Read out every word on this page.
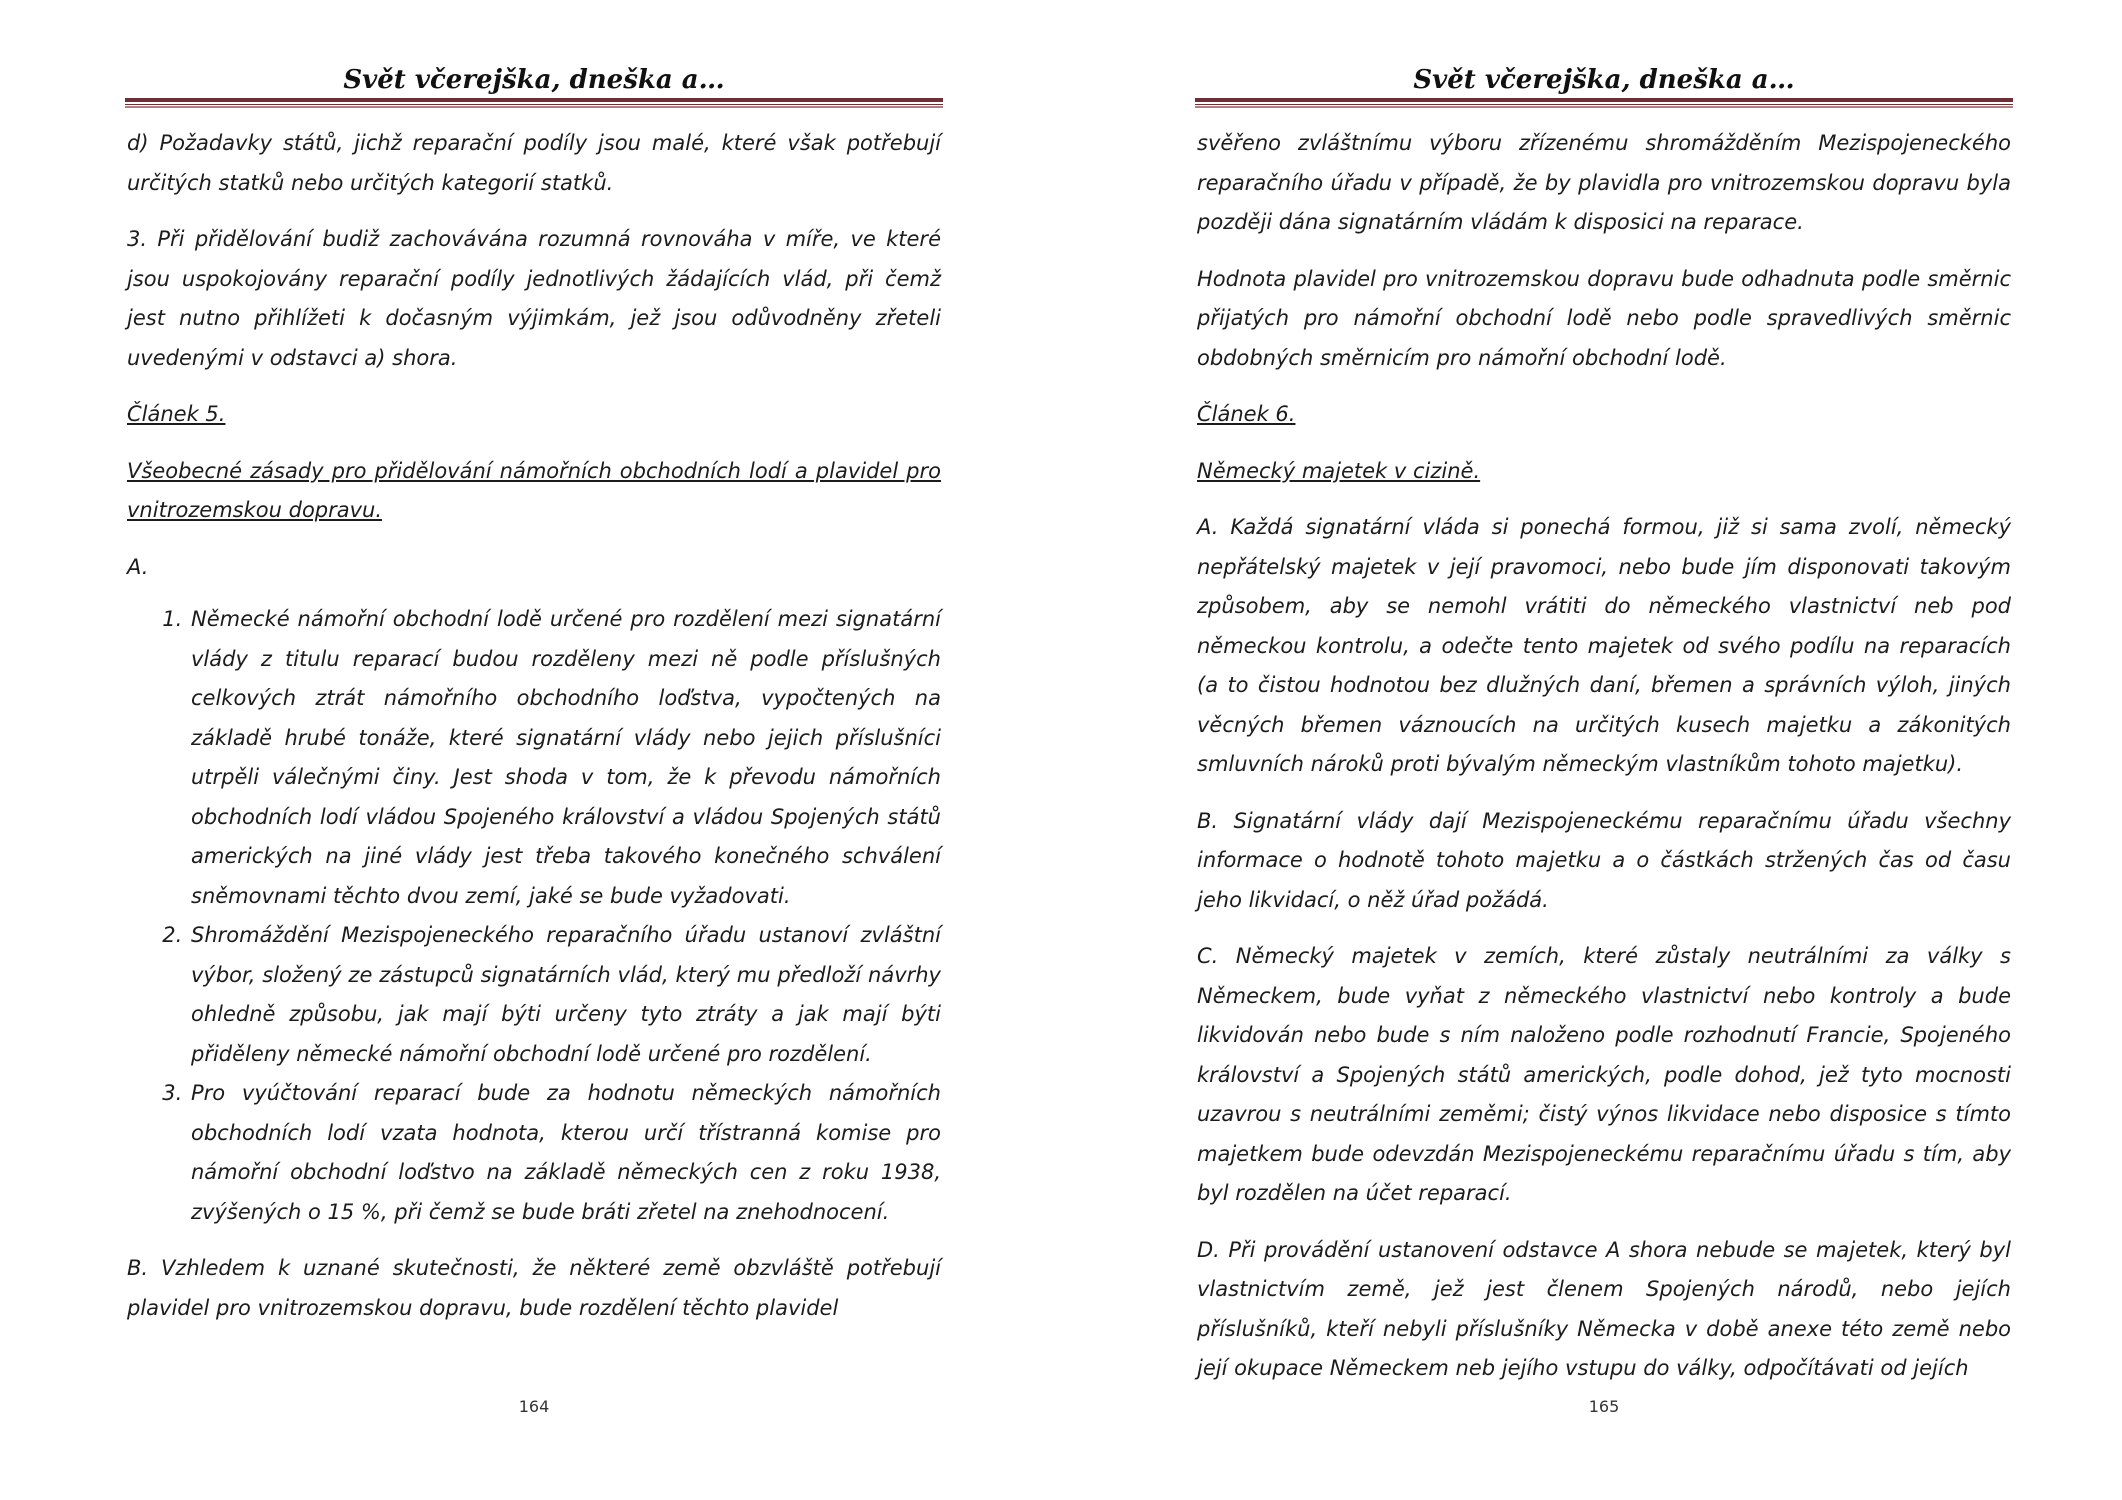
Svět včerejška, dneška a…

d) Požadavky států, jichž reparační podíly jsou malé, které však potřebují určitých statků nebo určitých kategorií statků.

3. Při přidělování budiž zachovávána rozumná rovnováha v míře, ve které jsou uspokojovány reparační podíly jednotlivých žádajících vlád, při čemž jest nutno přihlížeti k dočasným výjimkám, jež jsou odůvodněny zřeteli uvedenými v odstavci a) shora.

Článek 5.

Všeobecné zásady pro přidělování námořních obchodních lodí a plavidel pro vnitrozemskou dopravu.

A.

1. Německé námořní obchodní lodě určené pro rozdělení mezi signatární vlády z titulu reparací budou rozděleny mezi ně podle příslušných celkových ztrát námořního obchodního loďstva, vypočtených na základě hrubé tonáže, které signatární vlády nebo jejich příslušníci utrpěli válečnými činy. Jest shoda v tom, že k převodu námořních obchodních lodí vládou Spojeného království a vládou Spojených států amerických na jiné vlády jest třeba takového konečného schválení sněmovnami těchto dvou zemí, jaké se bude vyžadovati.
2. Shromáždění Mezispojeneckého reparačního úřadu ustanoví zvláštní výbor, složený ze zástupců signatárních vlád, který mu předloží návrhy ohledně způsobu, jak mají býti určeny tyto ztráty a jak mají býti přiděleny německé námořní obchodní lodě určené pro rozdělení.
3. Pro vyúčtování reparací bude za hodnotu německých námořních obchodních lodí vzata hodnota, kterou určí třístranná komise pro námořní obchodní loďstvo na základě německých cen z roku 1938, zvýšených o 15 %, při čemž se bude bráti zřetel na znehodnocení.

B. Vzhledem k uznané skutečnosti, že některé země obzvláště potřebují plavidel pro vnitrozemskou dopravu, bude rozdělení těchto plavidel

164
Svět včerejška, dneška a…

svěřeno zvláštnímu výboru zřízenému shromážděním Mezispojeneckého reparačního úřadu v případě, že by plavidla pro vnitrozemskou dopravu byla později dána signatárním vládám k disposici na reparace.

Hodnota plavidel pro vnitrozemskou dopravu bude odhadnuta podle směrnic přijatých pro námořní obchodní lodě nebo podle spravedlivých směrnic obdobných směrnicím pro námořní obchodní lodě.

Článek 6.

Německý majetek v cizině.

A. Každá signatární vláda si ponechá formou, již si sama zvolí, německý nepřátelský majetek v její pravomoci, nebo bude jím disponovati takovým způsobem, aby se nemohl vrátiti do německého vlastnictví neb pod německou kontrolu, a odečte tento majetek od svého podílu na reparacích (a to čistou hodnotou bez dlužných daní, břemen a správních výloh, jiných věcných břemen váznoucích na určitých kusech majetku a zákonitých smluvních nároků proti bývalým německým vlastníkům tohoto majetku).

B. Signatární vlády dají Mezispojeneckému reparačnímu úřadu všechny informace o hodnotě tohoto majetku a o částkách stržených čas od času jeho likvidací, o něž úřad požádá.

C. Německý majetek v zemích, které zůstaly neutrálními za války s Německem, bude vyňat z německého vlastnictví nebo kontroly a bude likvidován nebo bude s ním naloženo podle rozhodnutí Francie, Spojeného království a Spojených států amerických, podle dohod, jež tyto mocnosti uzavrou s neutrálními zeměmi; čistý výnos likvidace nebo disposice s tímto majetkem bude odevzdán Mezispojeneckému reparačnímu úřadu s tím, aby byl rozdělen na účet reparací.

D. Při provádění ustanovení odstavce A shora nebude se majetek, který byl vlastnictvím země, jež jest členem Spojených národů, nebo jejích příslušníků, kteří nebyli příslušníky Německa v době anexe této země nebo její okupace Německem neb jejího vstupu do války, odpočítávati od jejích

165
